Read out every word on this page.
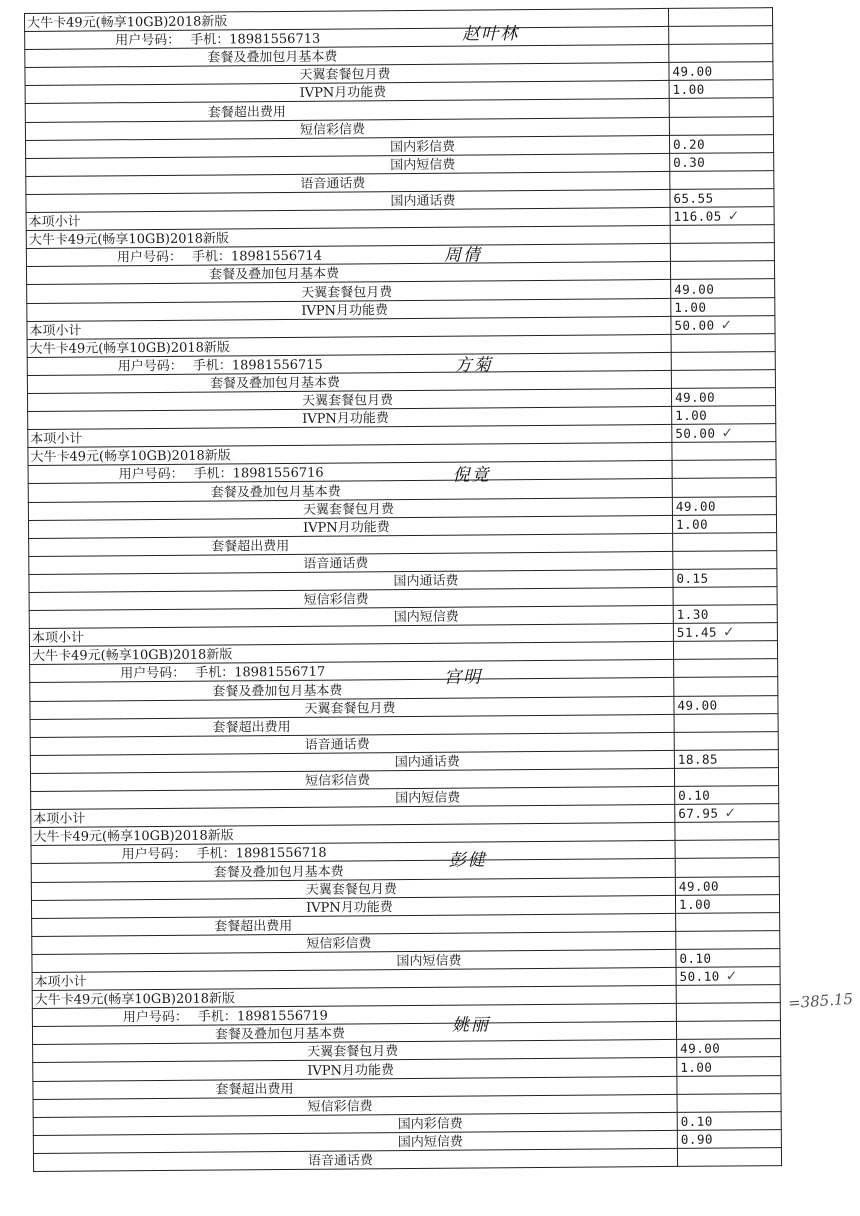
大牛卡49元(畅享10GB)2018新版	
用户号码： 手机：18981556713	
套餐及叠加包月基本费	
天翼套餐包月费	49.00
IVPN月功能费	1.00
套餐超出费用	
短信彩信费	
国内彩信费	0.20
国内短信费	0.30
语音通话费	
国内通话费	65.55
本项小计	116.05 ✓
大牛卡49元(畅享10GB)2018新版	
用户号码： 手机：18981556714	
套餐及叠加包月基本费	
天翼套餐包月费	49.00
IVPN月功能费	1.00
本项小计	50.00 ✓
大牛卡49元(畅享10GB)2018新版	
用户号码： 手机：18981556715	
套餐及叠加包月基本费	
天翼套餐包月费	49.00
IVPN月功能费	1.00
本项小计	50.00 ✓
大牛卡49元(畅享10GB)2018新版	
用户号码： 手机：18981556716	
套餐及叠加包月基本费	
天翼套餐包月费	49.00
IVPN月功能费	1.00
套餐超出费用	
语音通话费	
国内通话费	0.15
短信彩信费	
国内短信费	1.30
本项小计	51.45 ✓
大牛卡49元(畅享10GB)2018新版	
用户号码： 手机：18981556717	
套餐及叠加包月基本费	
天翼套餐包月费	49.00
套餐超出费用	
语音通话费	
国内通话费	18.85
短信彩信费	
国内短信费	0.10
本项小计	67.95 ✓
大牛卡49元(畅享10GB)2018新版	
用户号码： 手机：18981556718	
套餐及叠加包月基本费	
天翼套餐包月费	49.00
IVPN月功能费	1.00
套餐超出费用	
短信彩信费	
国内短信费	0.10
本项小计	50.10 ✓
大牛卡49元(畅享10GB)2018新版	
用户号码： 手机：18981556719	
套餐及叠加包月基本费	
天翼套餐包月费	49.00
IVPN月功能费	1.00
套餐超出费用	
短信彩信费	
国内彩信费	0.10
国内短信费	0.90
语音通话费	
赵叶林
周倩
方菊
倪竟
宫明
彭健
姚丽
=385.15
